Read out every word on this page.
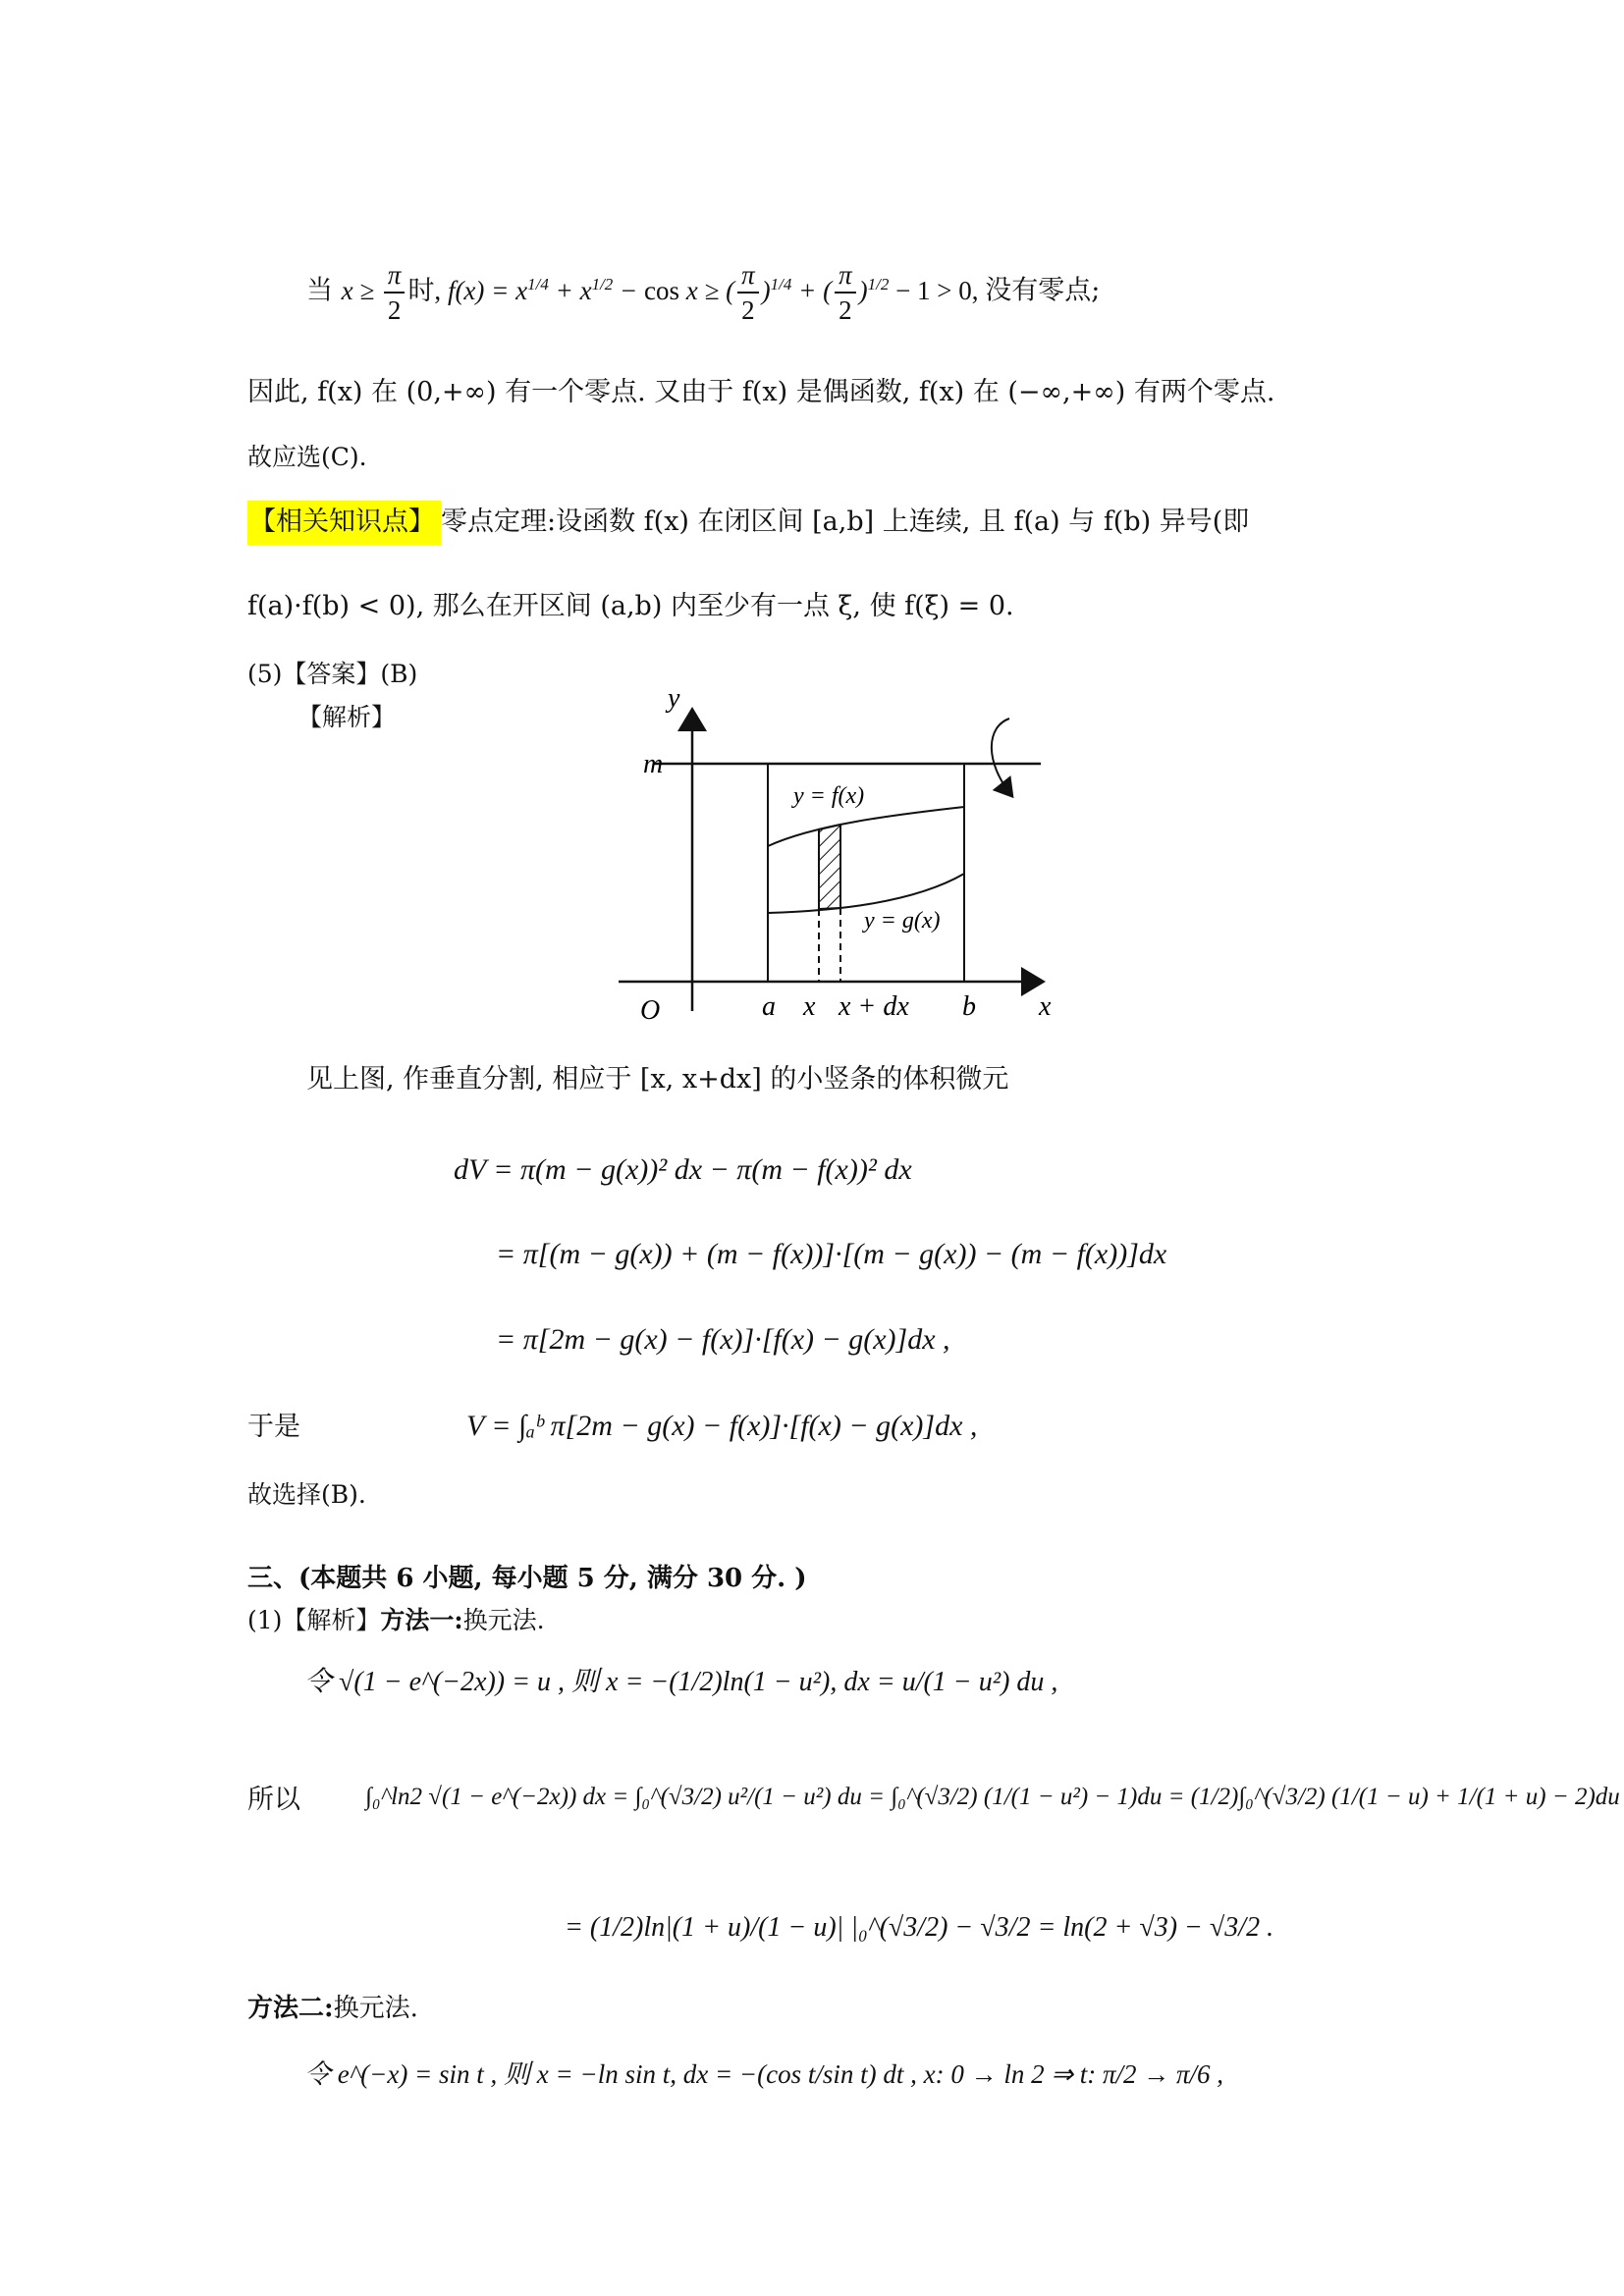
当 $x \ge \frac{\pi}{2}$ 时, $f(x) = x^{1/4} + x^{1/2} - \cos x$ ≥ ( $\frac{\pi}{2} )^{1/4}$ + ( $\frac{\pi}{2} )^{1/2} - 1 > 0$, 没有零点;
因此, f(x) 在 (0,+∞) 有一个零点. 又由于 f(x) 是偶函数, f(x) 在 (−∞,+∞) 有两个零点.
故应选(C).
【相关知识点】 零点定理:设函数 f(x) 在闭区间 [a,b] 上连续, 且 f(a) 与 f(b) 异号(即
f(a)·f(b) < 0), 那么在开区间 (a,b) 内至少有一点 ξ, 使 f(ξ) = 0.
(5)【答案】(B)
【解析】
y
m
y = f(x)
y = g(x)
O	a x x + dx b x
见上图, 作垂直分割, 相应于 [x, x+dx] 的小竖条的体积微元
dV = π(m − g(x))² dx − π(m − f(x))² dx
= π[(m − g(x)) + (m − f(x))]·[(m − g(x)) − (m − f(x))]dx
= π[2m − g(x) − f(x)]·[f(x) − g(x)]dx ,
于是	V = ∫ₐᵇ π[2m − g(x) − f(x)]·[f(x) − g(x)]dx ,
故选择(B).
三、(本题共 6 小题, 每小题 5 分, 满分 30 分. )
(1)【解析】方法一:换元法.
令 √(1 − e^(−2x)) = u , 则 x = −(1/2)ln(1 − u²), dx = u/(1 − u²) du ,
所以	∫₀^ln2 √(1 − e^(−2x)) dx = ∫₀^(√3/2) u²/(1 − u²) du = ∫₀^(√3/2) (1/(1 − u²) − 1)du = (1/2)∫₀^(√3/2) (1/(1 − u) + 1/(1 + u) − 2)du
= (1/2)ln|(1 + u)/(1 − u)| |₀^(√3/2) − √3/2 = ln(2 + √3) − √3/2 .
方法二:换元法.
令 e^(−x) = sin t , 则 x = −ln sin t, dx = −(cos t/sin t) dt , x: 0 → ln 2 ⇒ t: π/2 → π/6 ,
